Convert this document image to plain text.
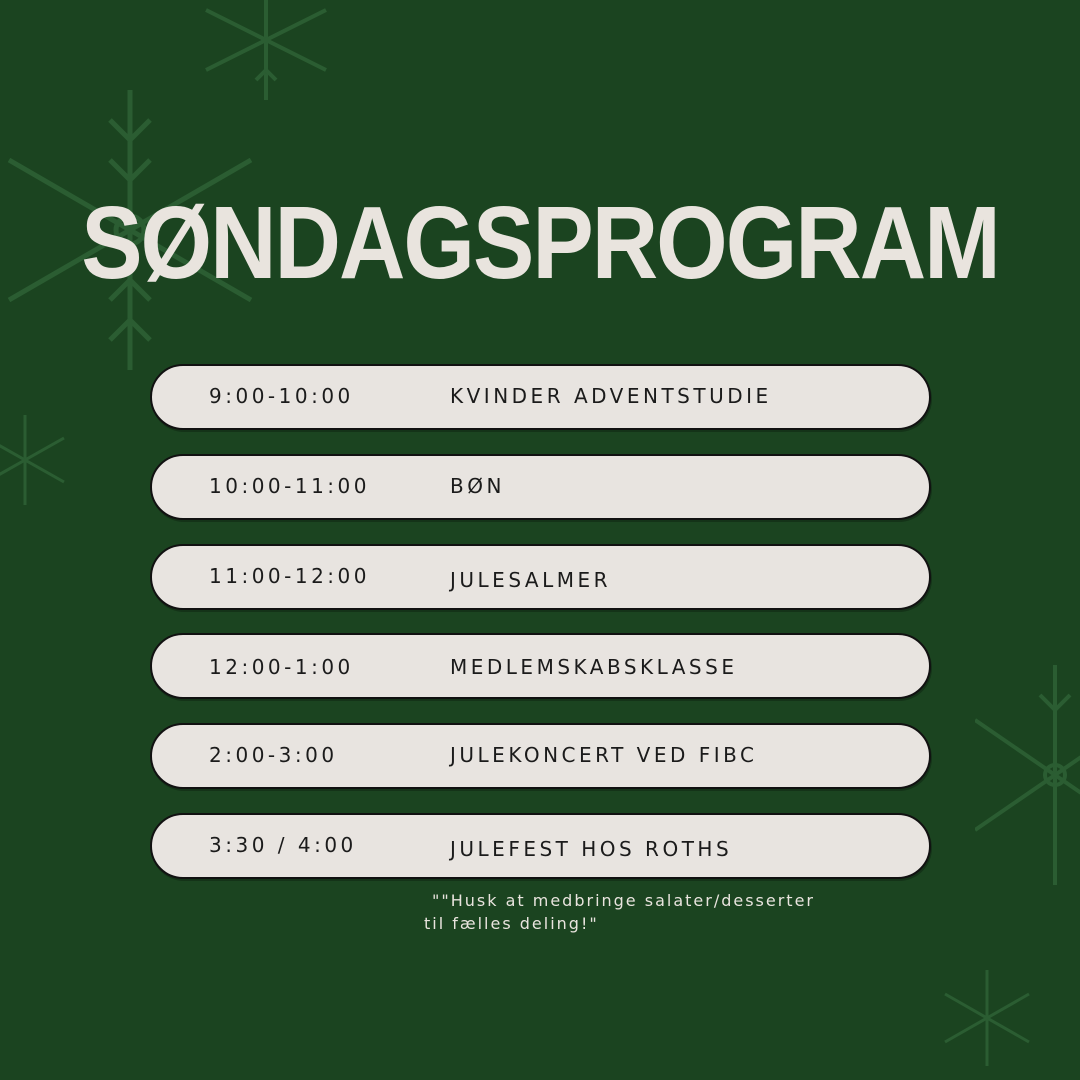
SØNDAGSPROGRAM
9:00-10:00	KVINDER ADVENTSTUDIE
10:00-11:00	BØN
11:00-12:00	JULESALMER
12:00-1:00	MEDLEMSKABSKLASSE
2:00-3:00	JULEKONCERT VED FIBC
3:30 / 4:00	JULEFEST HOS ROTHS
""Husk at medbringe salater/desserter
til fælles deling!"
